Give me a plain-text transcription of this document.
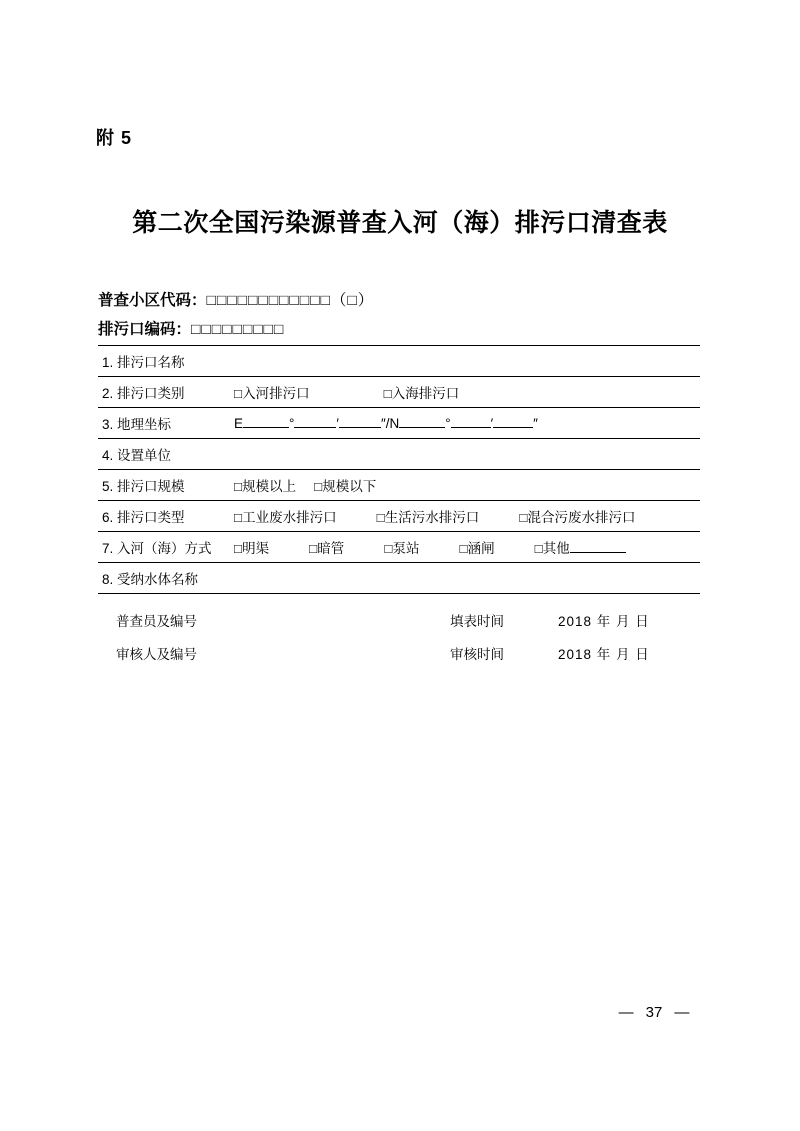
附 5
第二次全国污染源普查入河（海）排污口清查表
普查小区代码：□□□□□□□□□□□□（□）
排污口编码：□□□□□□□□□
1. 排污口名称	
2. 排污口类别	□入河排污口 □入海排污口
3. 地理坐标	E ° ′ ″/N ° ′ ″
4. 设置单位	
5. 排污口规模	□规模以上 □规模以下
6. 排污口类型	□工业废水排污口 □生活污水排污口 □混合污废水排污口
7. 入河（海）方式	□明渠 □暗管 □泵站 □涵闸 □其他
8. 受纳水体名称	
普查员及编号	填表时间	2018 年 月 日
审核人及编号	审核时间	2018 年 月 日
— 37 —
